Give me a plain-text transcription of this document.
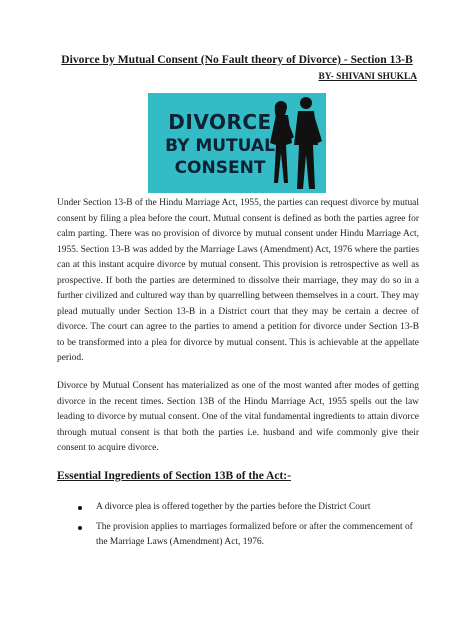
Divorce by Mutual Consent (No Fault theory of Divorce) - Section 13-B
BY- SHIVANI SHUKLA
DIVORCE
BY MUTUAL
CONSENT

Under Section 13-B of the Hindu Marriage Act, 1955, the parties can request divorce by mutual consent by filing a plea before the court. Mutual consent is defined as both the parties agree for calm parting. There was no provision of divorce by mutual consent under Hindu Marriage Act, 1955. Section 13-B was added by the Marriage Laws (Amendment) Act, 1976 where the parties can at this instant acquire divorce by mutual consent. This provision is retrospective as well as prospective. If both the parties are determined to dissolve their marriage, they may do so in a further civilized and cultured way than by quarrelling between themselves in a court. They may plead mutually under Section 13-B in a District court that they may be certain a decree of divorce. The court can agree to the parties to amend a petition for divorce under Section 13-B to be transformed into a plea for divorce by mutual consent. This is achievable at the appellate period.

Divorce by Mutual Consent has materialized as one of the most wanted after modes of getting divorce in the recent times. Section 13B of the Hindu Marriage Act, 1955 spells out the law leading to divorce by mutual consent. One of the vital fundamental ingredients to attain divorce through mutual consent is that both the parties i.e. husband and wife commonly give their consent to acquire divorce.

Essential Ingredients of Section 13B of the Act:-
A divorce plea is offered together by the parties before the District Court
The provision applies to marriages formalized before or after the commencement of the Marriage Laws (Amendment) Act, 1976.
